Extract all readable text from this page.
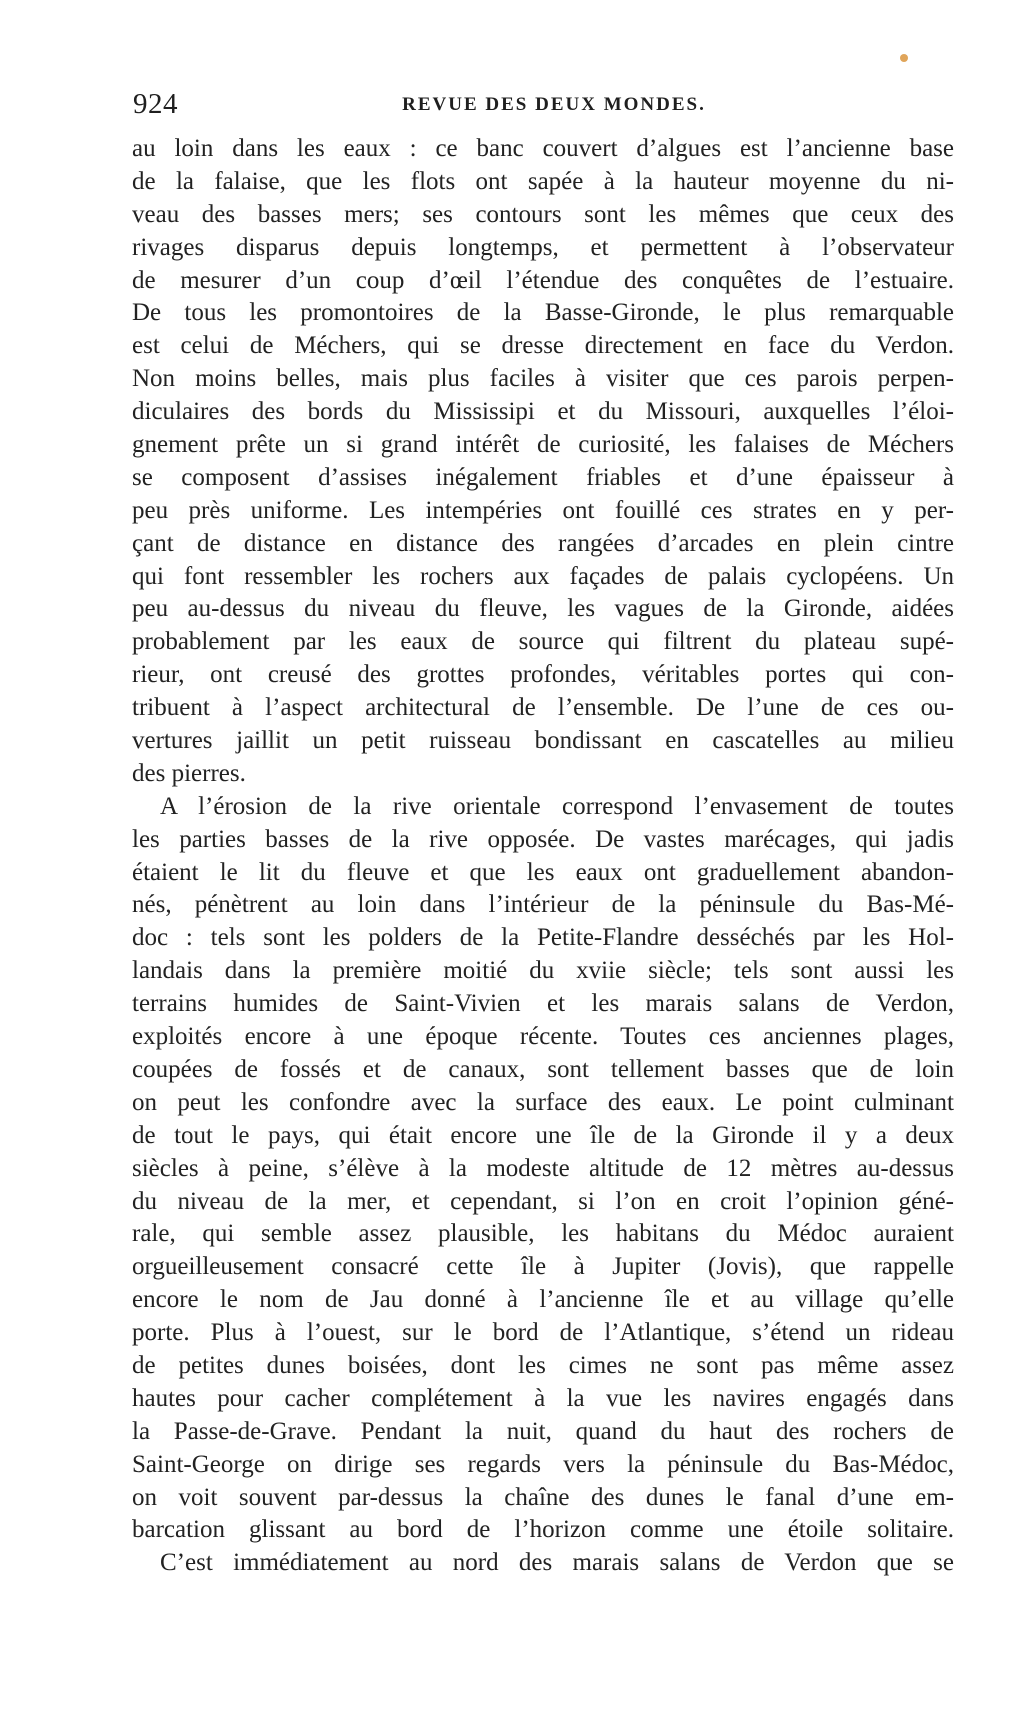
924	REVUE DES DEUX MONDES.
au loin dans les eaux : ce banc couvert d’algues est l’ancienne base
de la falaise, que les flots ont sapée à la hauteur moyenne du ni-
veau des basses mers; ses contours sont les mêmes que ceux des
rivages disparus depuis longtemps, et permettent à l’observateur
de mesurer d’un coup d’œil l’étendue des conquêtes de l’estuaire.
De tous les promontoires de la Basse-Gironde, le plus remarquable
est celui de Méchers, qui se dresse directement en face du Verdon.
Non moins belles, mais plus faciles à visiter que ces parois perpen-
diculaires des bords du Mississipi et du Missouri, auxquelles l’éloi-
gnement prête un si grand intérêt de curiosité, les falaises de Méchers
se composent d’assises inégalement friables et d’une épaisseur à
peu près uniforme. Les intempéries ont fouillé ces strates en y per-
çant de distance en distance des rangées d’arcades en plein cintre
qui font ressembler les rochers aux façades de palais cyclopéens. Un
peu au-dessus du niveau du fleuve, les vagues de la Gironde, aidées
probablement par les eaux de source qui filtrent du plateau supé-
rieur, ont creusé des grottes profondes, véritables portes qui con-
tribuent à l’aspect architectural de l’ensemble. De l’une de ces ou-
vertures jaillit un petit ruisseau bondissant en cascatelles au milieu
des pierres.
A l’érosion de la rive orientale correspond l’envasement de toutes
les parties basses de la rive opposée. De vastes marécages, qui jadis
étaient le lit du fleuve et que les eaux ont graduellement abandon-
nés, pénètrent au loin dans l’intérieur de la péninsule du Bas-Mé-
doc : tels sont les polders de la Petite-Flandre desséchés par les Hol-
landais dans la première moitié du xviie siècle; tels sont aussi les
terrains humides de Saint-Vivien et les marais salans de Verdon,
exploités encore à une époque récente. Toutes ces anciennes plages,
coupées de fossés et de canaux, sont tellement basses que de loin
on peut les confondre avec la surface des eaux. Le point culminant
de tout le pays, qui était encore une île de la Gironde il y a deux
siècles à peine, s’élève à la modeste altitude de 12 mètres au-dessus
du niveau de la mer, et cependant, si l’on en croit l’opinion géné-
rale, qui semble assez plausible, les habitans du Médoc auraient
orgueilleusement consacré cette île à Jupiter (Jovis), que rappelle
encore le nom de Jau donné à l’ancienne île et au village qu’elle
porte. Plus à l’ouest, sur le bord de l’Atlantique, s’étend un rideau
de petites dunes boisées, dont les cimes ne sont pas même assez
hautes pour cacher complétement à la vue les navires engagés dans
la Passe-de-Grave. Pendant la nuit, quand du haut des rochers de
Saint-George on dirige ses regards vers la péninsule du Bas-Médoc,
on voit souvent par-dessus la chaîne des dunes le fanal d’une em-
barcation glissant au bord de l’horizon comme une étoile solitaire.
C’est immédiatement au nord des marais salans de Verdon que se
